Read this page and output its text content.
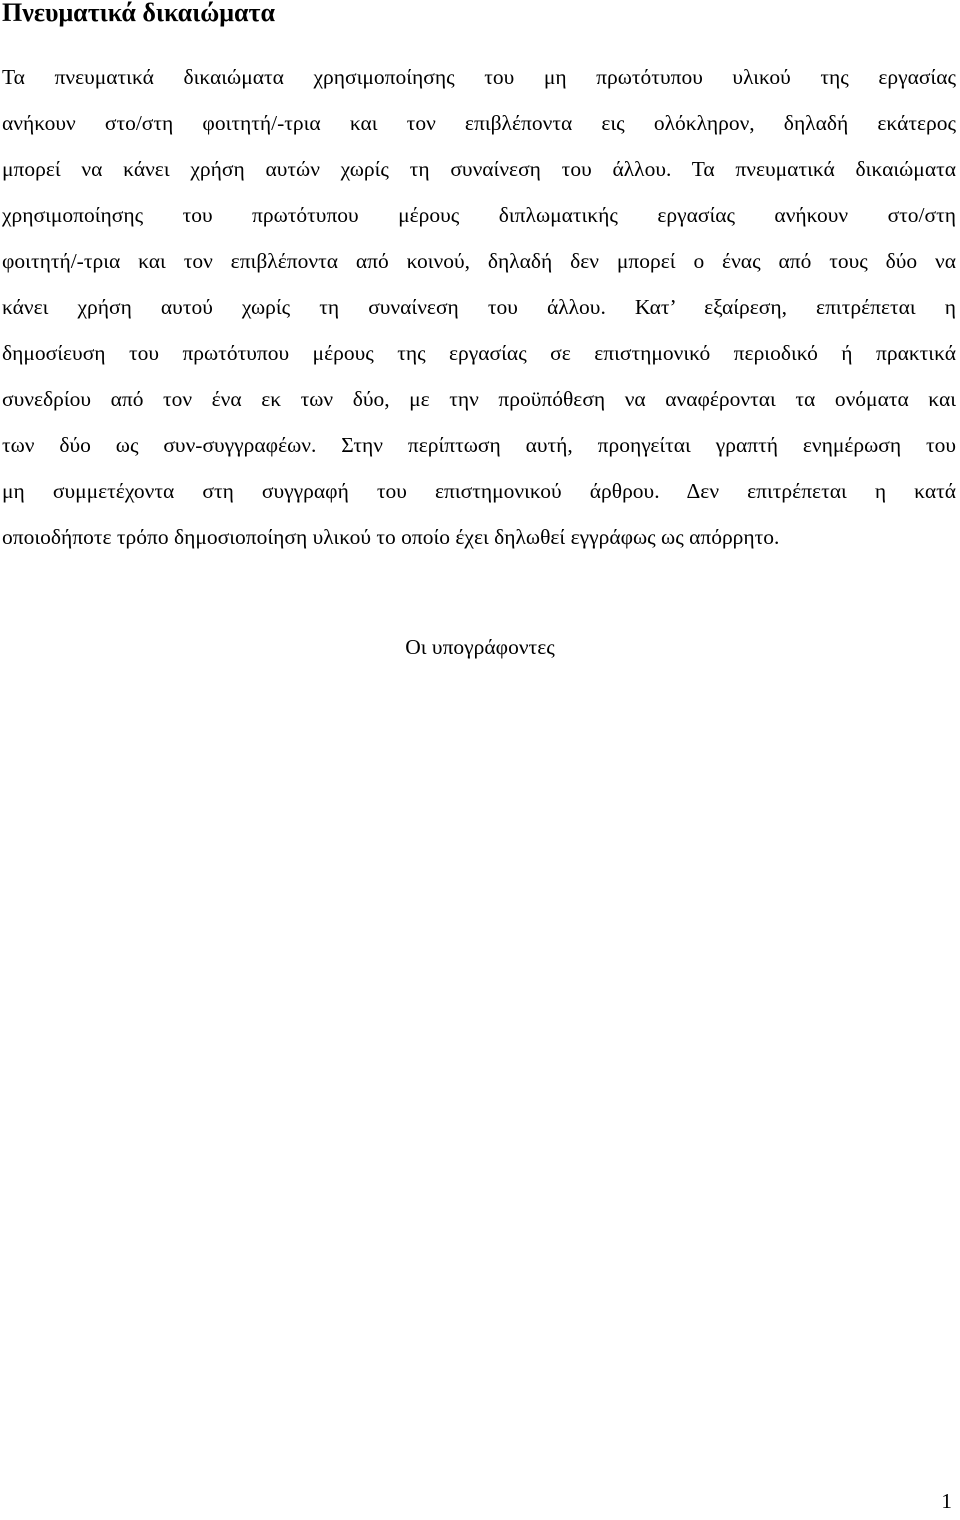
Πνευματικά δικαιώματα
Τα πνευματικά δικαιώματα χρησιμοποίησης του μη πρωτότυπου υλικού της εργασίας
ανήκουν στο/στη φοιτητή/-τρια και τον επιβλέποντα εις ολόκληρον, δηλαδή εκάτερος
μπορεί να κάνει χρήση αυτών χωρίς τη συναίνεση του άλλου. Τα πνευματικά δικαιώματα
χρησιμοποίησης του πρωτότυπου μέρους διπλωματικής εργασίας ανήκουν στο/στη
φοιτητή/-τρια και τον επιβλέποντα από κοινού, δηλαδή δεν μπορεί ο ένας από τους δύο να
κάνει χρήση αυτού χωρίς τη συναίνεση του άλλου. Κατ’ εξαίρεση, επιτρέπεται η
δημοσίευση του πρωτότυπου μέρους της εργασίας σε επιστημονικό περιοδικό ή πρακτικά
συνεδρίου από τον ένα εκ των δύο, με την προϋπόθεση να αναφέρονται τα ονόματα και
των δύο ως συν-συγγραφέων. Στην περίπτωση αυτή, προηγείται γραπτή ενημέρωση του
μη συμμετέχοντα στη συγγραφή του επιστημονικού άρθρου. Δεν επιτρέπεται η κατά
οποιοδήποτε τρόπο δημοσιοποίηση υλικού το οποίο έχει δηλωθεί εγγράφως ως απόρρητο.

Οι υπογράφοντες

1
